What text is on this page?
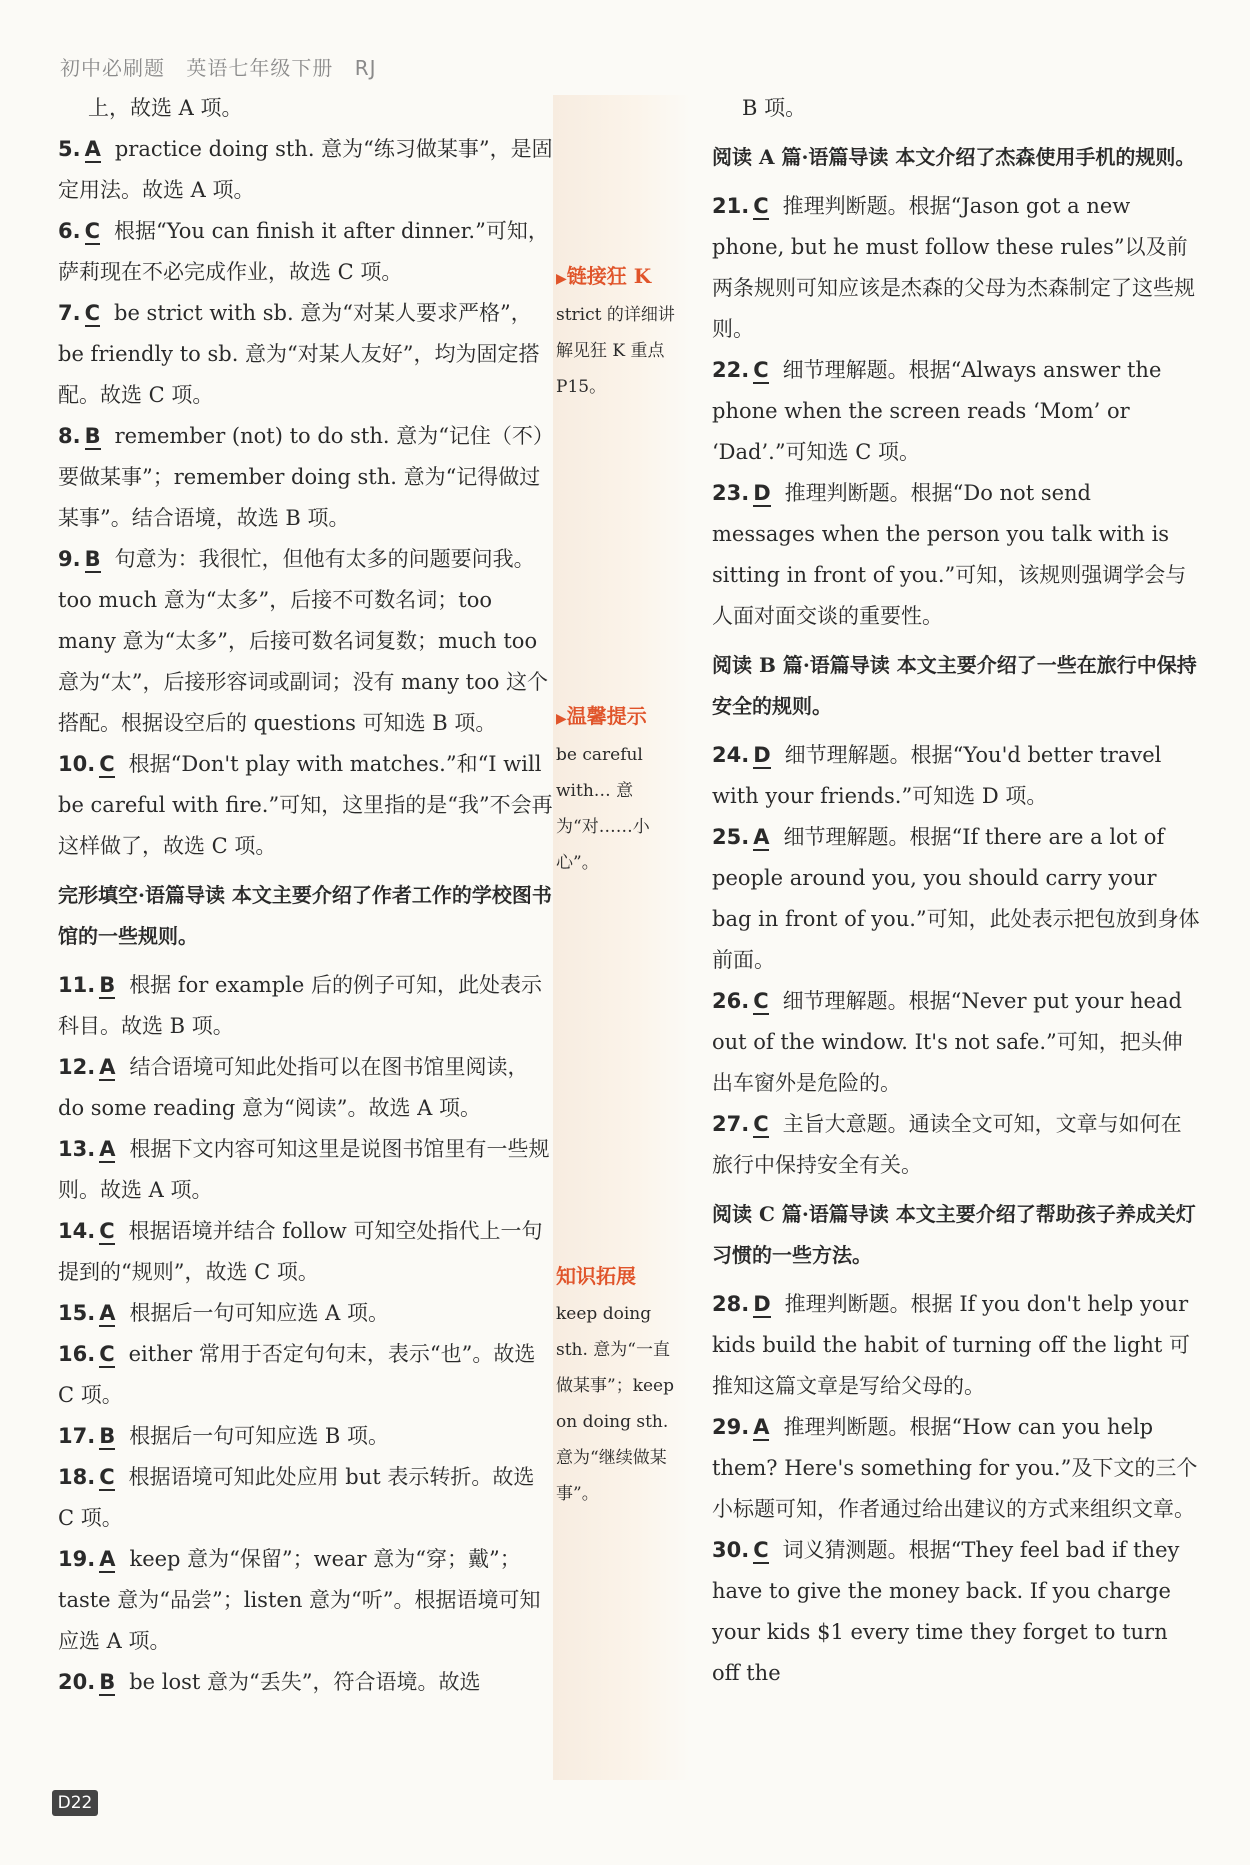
初中必刷题 英语七年级下册 RJ
上，故选 A 项。
5. A practice doing sth. 意为“练习做某事”，是固定用法。故选 A 项。
6. C 根据“You can finish it after dinner.”可知，萨莉现在不必完成作业，故选 C 项。
7. C be strict with sb. 意为“对某人要求严格”，be friendly to sb. 意为“对某人友好”，均为固定搭配。故选 C 项。
8. B remember (not) to do sth. 意为“记住（不）要做某事”；remember doing sth. 意为“记得做过某事”。结合语境，故选 B 项。
9. B 句意为：我很忙，但他有太多的问题要问我。too much 意为“太多”，后接不可数名词；too many 意为“太多”，后接可数名词复数；much too 意为“太”，后接形容词或副词；没有 many too 这个搭配。根据设空后的 questions 可知选 B 项。
10. C 根据“Don't play with matches.”和“I will be careful with fire.”可知，这里指的是“我”不会再这样做了，故选 C 项。
完形填空·语篇导读 本文主要介绍了作者工作的学校图书馆的一些规则。
11. B 根据 for example 后的例子可知，此处表示科目。故选 B 项。
12. A 结合语境可知此处指可以在图书馆里阅读，do some reading 意为“阅读”。故选 A 项。
13. A 根据下文内容可知这里是说图书馆里有一些规则。故选 A 项。
14. C 根据语境并结合 follow 可知空处指代上一句提到的“规则”，故选 C 项。
15. A 根据后一句可知应选 A 项。
16. C either 常用于否定句句末，表示“也”。故选 C 项。
17. B 根据后一句可知应选 B 项。
18. C 根据语境可知此处应用 but 表示转折。故选 C 项。
19. A keep 意为“保留”；wear 意为“穿；戴”；taste 意为“品尝”；listen 意为“听”。根据语境可知应选 A 项。
20. B be lost 意为“丢失”，符合语境。故选
▶链接狂 K
strict 的详细讲解见狂 K 重点 P15。
▶温馨提示
be careful with… 意为“对……小心”。
知识拓展
keep doing sth. 意为“一直做某事”；keep on doing sth. 意为“继续做某事”。
B 项。
阅读 A 篇·语篇导读 本文介绍了杰森使用手机的规则。
21. C 推理判断题。根据“Jason got a new phone, but he must follow these rules”以及前两条规则可知应该是杰森的父母为杰森制定了这些规则。
22. C 细节理解题。根据“Always answer the phone when the screen reads ‘Mom’ or ‘Dad’.”可知选 C 项。
23. D 推理判断题。根据“Do not send messages when the person you talk with is sitting in front of you.”可知，该规则强调学会与人面对面交谈的重要性。
阅读 B 篇·语篇导读 本文主要介绍了一些在旅行中保持安全的规则。
24. D 细节理解题。根据“You'd better travel with your friends.”可知选 D 项。
25. A 细节理解题。根据“If there are a lot of people around you, you should carry your bag in front of you.”可知，此处表示把包放到身体前面。
26. C 细节理解题。根据“Never put your head out of the window. It's not safe.”可知，把头伸出车窗外是危险的。
27. C 主旨大意题。通读全文可知，文章与如何在旅行中保持安全有关。
阅读 C 篇·语篇导读 本文主要介绍了帮助孩子养成关灯习惯的一些方法。
28. D 推理判断题。根据 If you don't help your kids build the habit of turning off the light 可推知这篇文章是写给父母的。
29. A 推理判断题。根据“How can you help them? Here's something for you.”及下文的三个小标题可知，作者通过给出建议的方式来组织文章。
30. C 词义猜测题。根据“They feel bad if they have to give the money back. If you charge your kids $1 every time they forget to turn off the
D22
